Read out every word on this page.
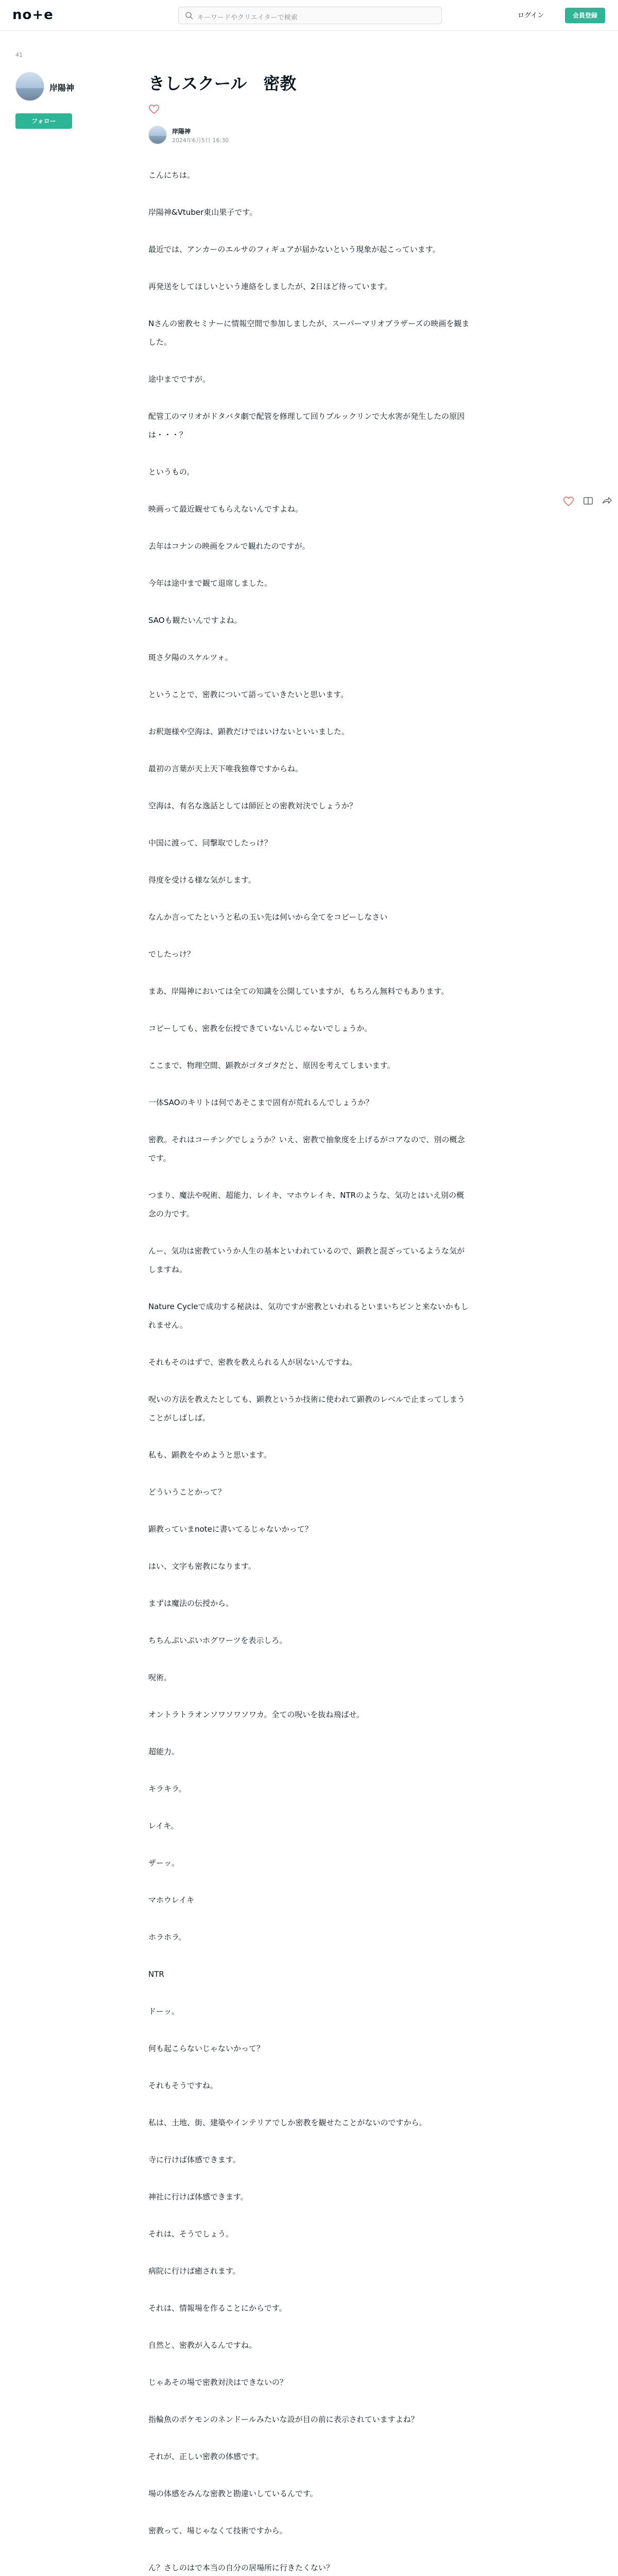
no+e	キーワードやクリエイターで検索	ログイン	会員登録
41
岸陽神
フォロー
きしスクール　密教
岸陽神
2024年6月5日 16:30

こんにちは。

岸陽神&Vtuber東山果子です。

最近では、アンカーのエルサのフィギュアが届かないという現象が起こっています。

再発送をしてほしいという連絡をしましたが、2日ほど待っています。

Nさんの密教セミナーに情報空間で参加しましたが、スーパーマリオブラザーズの映画を観ました。

途中までですが。

配管工のマリオがドタバタ劇で配管を修理して回りブルックリンで大水害が発生したの原因は・・・？

というもの。

映画って最近観せてもらえないんですよね。

去年はコナンの映画をフルで観れたのですが。

今年は途中まで観て退席しました。

SAOも観たいんですよね。

斑さ夕陽のスケルツォ。

ということで、密教について語っていきたいと思います。

お釈迦様や空海は、顕教だけではいけないといいました。

最初の言葉が天上天下唯我独尊ですからね。

空海は、有名な逸話としては師匠との密教対決でしょうか？

中国に渡って、同撃取でしたっけ？

得度を受ける様な気がします。

なんか言ってたというと私の玉い先は何いから全てをコピーしなさい

でしたっけ？

まあ、岸陽神においては全ての知識を公開していますが、もちろん無料でもあります。

コピーしても、密教を伝授できていないんじゃないでしょうか。

ここまで、物理空間、顕教がゴタゴタだと、原因を考えてしまいます。

一体SAOのキリトは何であそこまで固有が荒れるんでしょうか？

密教。それはコーチングでしょうか？いえ、密教で抽象度を上げるがコアなので、別の概念です。

つまり、魔法や呪術、超能力、レイキ、マホウレイキ、NTRのような、気功とはいえ別の概念の力です。

んー、気功は密教ていうか人生の基本といわれているので、顕教と混ざっているような気がしますね。

Nature Cycleで成功する秘訣は、気功ですが密教といわれるといまいちピンと来ないかもしれません。

それもそのはずで、密教を教えられる人が居ないんですね。

呪いの方法を教えたとしても、顕教というか技術に使われて顕教のレベルで止まってしまうことがしばしば。

私も、顕教をやめようと思います。

どういうことかって？

顕教っていまnoteに書いてるじゃないかって？

はい、文字も密教になります。

まずは魔法の伝授から。

ちちんぷいぷいホグワーツを表示しろ。

呪術。

オントラトラオンソワソワソワカ。全ての呪いを抜ね飛ばせ。

超能力。

キラキラ。

レイキ。

ザーッ。

マホウレイキ

ホラホラ。

NTR

ドーッ。

何も起こらないじゃないかって？

それもそうですね。

私は、土地、街、建築やインテリアでしか密教を観せたことがないのですから。

寺に行けば体感できます。

神社に行けば体感できます。

それは、そうでしょう。

病院に行けば癒されます。

それは、情報場を作ることにからです。

自然と、密教が入るんですね。

じゃあその場で密教対決はできないの？

指輪魚のポケモンのネンドールみたいな設が目の前に表示されていますよね？

それが、正しい密教の体感です。

場の体感をみんな密教と勘違いしているんです。

密教って、場じゃなくて技術ですから。

ん？さしのはで本当の自分の居場所に行きたくない？
